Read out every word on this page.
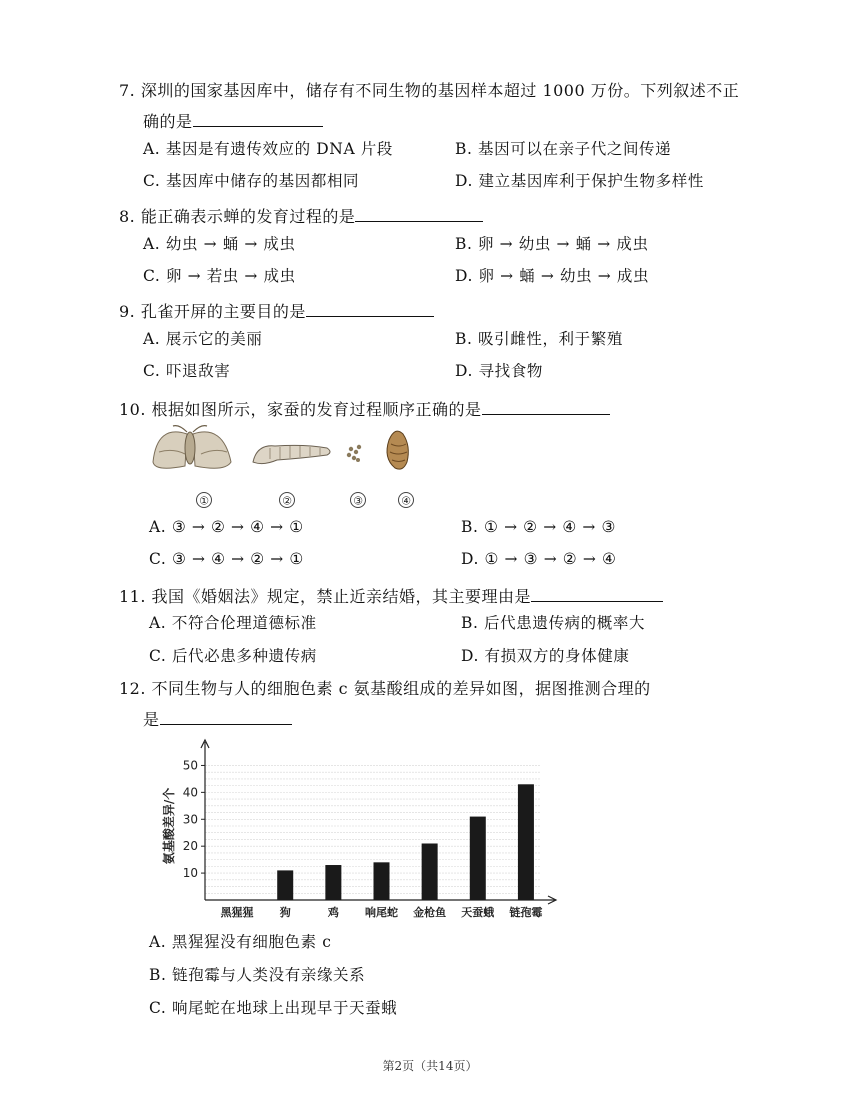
7. 深圳的国家基因库中，储存有不同生物的基因样本超过 1000 万份。下列叙述不正
确的是
A. 基因是有遗传效应的 DNA 片段	B. 基因可以在亲子代之间传递
C. 基因库中储存的基因都相同	D. 建立基因库利于保护生物多样性
8. 能正确表示蝉的发育过程的是
A. 幼虫 → 蛹 → 成虫	B. 卵 → 幼虫 → 蛹 → 成虫
C. 卵 → 若虫 → 成虫	D. 卵 → 蛹 → 幼虫 → 成虫
9. 孔雀开屏的主要目的是
A. 展示它的美丽	B. 吸引雌性，利于繁殖
C. 吓退敌害	D. 寻找食物
10. 根据如图所示，家蚕的发育过程顺序正确的是
①	②	③	④
A. ③ → ② → ④ → ①	B. ① → ② → ④ → ③
C. ③ → ④ → ② → ①	D. ① → ③ → ② → ④
11. 我国《婚姻法》规定，禁止近亲结婚，其主要理由是
A. 不符合伦理道德标准	B. 后代患遗传病的概率大
C. 后代必患多种遗传病	D. 有损双方的身体健康
12. 不同生物与人的细胞色素 c 氨基酸组成的差异如图，据图推测合理的
是
10
20
30
40
50
黑猩猩 狗	鸡 响尾蛇 金枪鱼 天蚕蛾 链孢霉
氨基酸差异/个
A. 黑猩猩没有细胞色素 c
B. 链孢霉与人类没有亲缘关系
C. 响尾蛇在地球上出现早于天蚕蛾
第2页（共14页）
